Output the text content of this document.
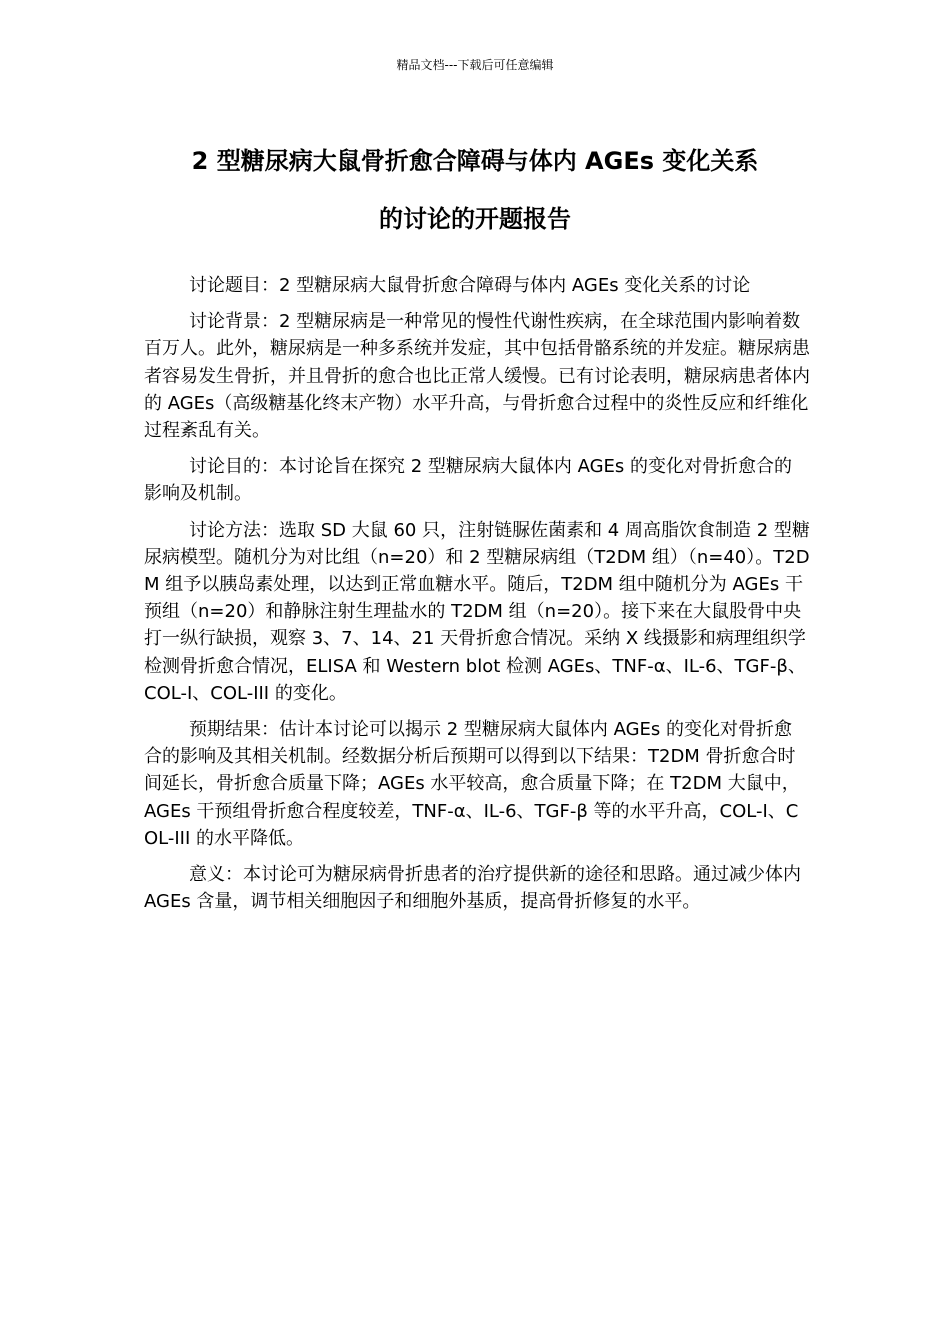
精品文档---下载后可任意编辑
2 型糖尿病大鼠骨折愈合障碍与体内 AGEs 变化关系
的讨论的开题报告

讨论题目：2 型糖尿病大鼠骨折愈合障碍与体内 AGEs 变化关系的讨论

讨论背景：2 型糖尿病是一种常见的慢性代谢性疾病，在全球范围内影响着数百万人。此外，糖尿病是一种多系统并发症，其中包括骨骼系统的并发症。糖尿病患者容易发生骨折，并且骨折的愈合也比正常人缓慢。已有讨论表明，糖尿病患者体内的 AGEs（高级糖基化终末产物）水平升高，与骨折愈合过程中的炎性反应和纤维化过程紊乱有关。

讨论目的：本讨论旨在探究 2 型糖尿病大鼠体内 AGEs 的变化对骨折愈合的影响及机制。

讨论方法：选取 SD 大鼠 60 只，注射链脲佐菌素和 4 周高脂饮食制造 2 型糖尿病模型。随机分为对比组（n=20）和 2 型糖尿病组（T2DM 组）（n=40）。T2DM 组予以胰岛素处理，以达到正常血糖水平。随后，T2DM 组中随机分为 AGEs 干预组（n=20）和静脉注射生理盐水的 T2DM 组（n=20）。接下来在大鼠股骨中央打一纵行缺损，观察 3、7、14、21 天骨折愈合情况。采纳 X 线摄影和病理组织学检测骨折愈合情况，ELISA 和 Western blot 检测 AGEs、TNF-α、IL-6、TGF-β、COL-I、COL-III 的变化。

预期结果：估计本讨论可以揭示 2 型糖尿病大鼠体内 AGEs 的变化对骨折愈合的影响及其相关机制。经数据分析后预期可以得到以下结果：T2DM 骨折愈合时间延长，骨折愈合质量下降；AGEs 水平较高，愈合质量下降；在 T2DM 大鼠中，AGEs 干预组骨折愈合程度较差，TNF-α、IL-6、TGF-β 等的水平升高，COL-I、COL-III 的水平降低。

意义：本讨论可为糖尿病骨折患者的治疗提供新的途径和思路。通过减少体内 AGEs 含量，调节相关细胞因子和细胞外基质，提高骨折修复的水平。
